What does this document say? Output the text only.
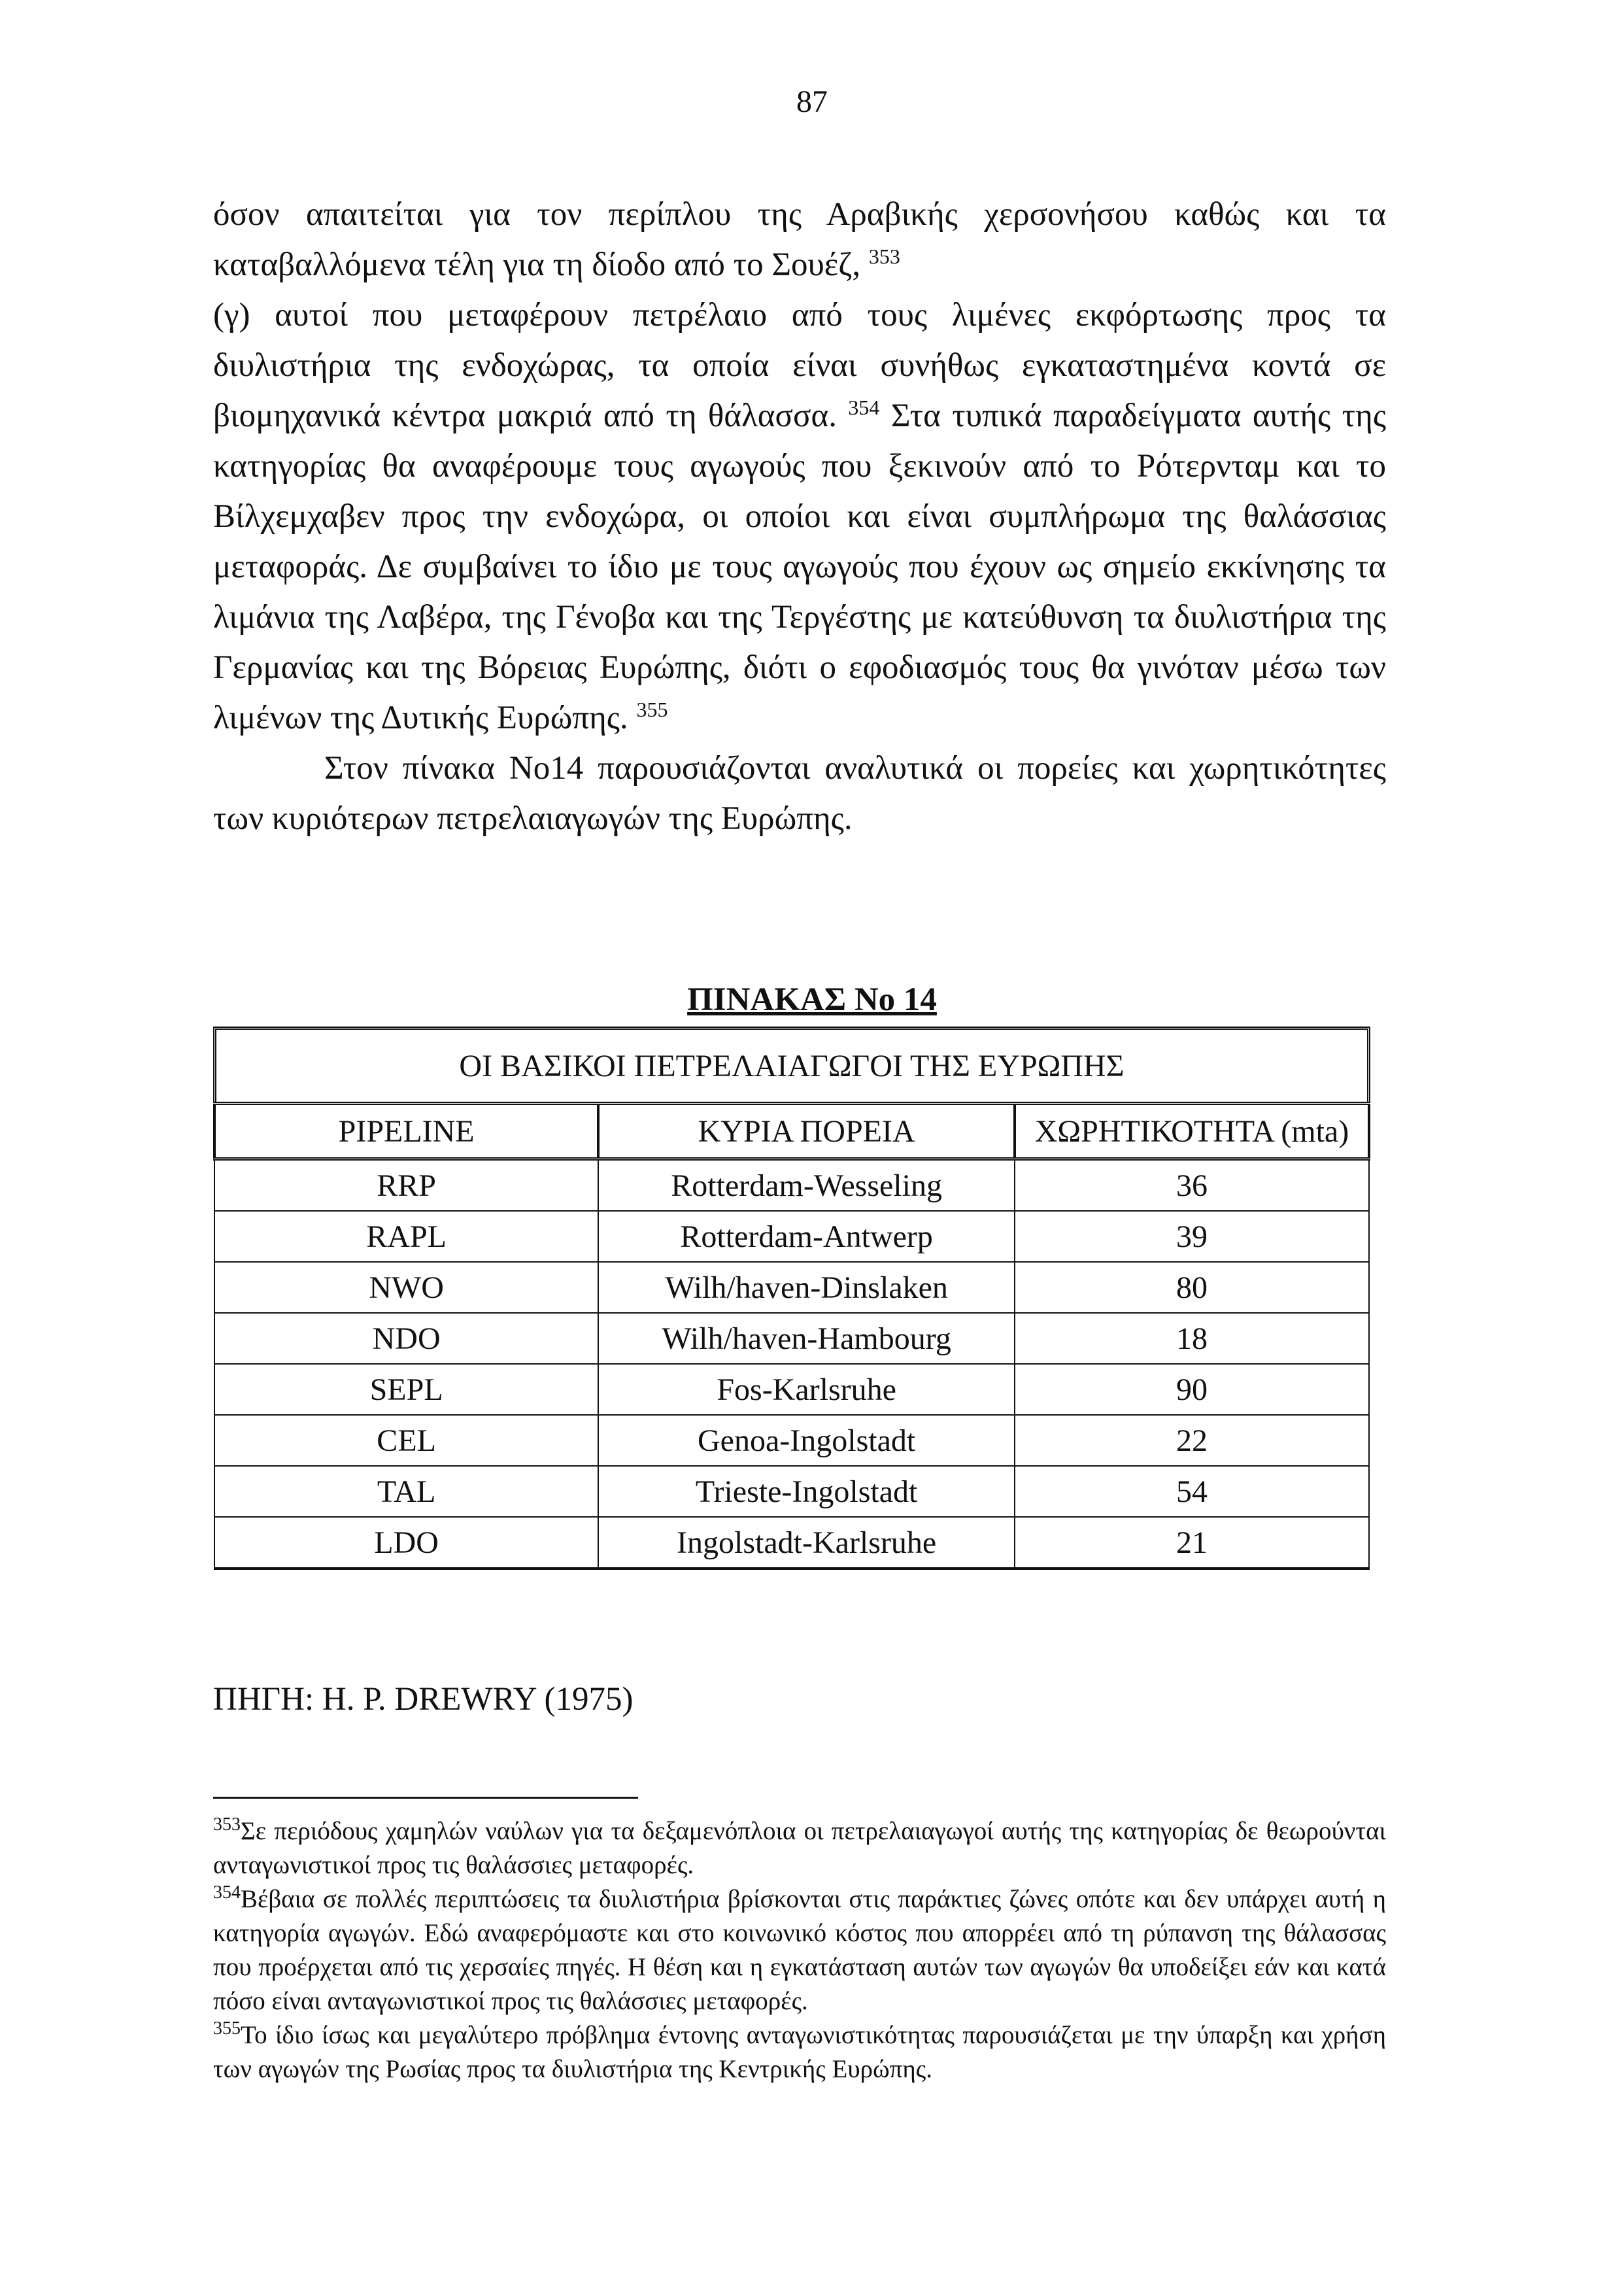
87

όσον απαιτείται για τον περίπλου της Αραβικής χερσονήσου καθώς και τα καταβαλλόμενα τέλη για τη δίοδο από το Σουέζ, $^{353}$

(γ) αυτοί που μεταφέρουν πετρέλαιο από τους λιμένες εκφόρτωσης προς τα διυλιστήρια της ενδοχώρας, τα οποία είναι συνήθως εγκαταστημένα κοντά σε βιομηχανικά κέντρα μακριά από τη θάλασσα. $^{354}$ Στα τυπικά παραδείγματα αυτής της κατηγορίας θα αναφέρουμε τους αγωγούς που ξεκινούν από το Ρότερνταμ και το Βίλχεμχαβεν προς την ενδοχώρα, οι οποίοι και είναι συμπλήρωμα της θαλάσσιας μεταφοράς. Δε συμβαίνει το ίδιο με τους αγωγούς που έχουν ως σημείο εκκίνησης τα λιμάνια της Λαβέρα, της Γένοβα και της Τεργέστης με κατεύθυνση τα διυλιστήρια της Γερμανίας και της Βόρειας Ευρώπης, διότι ο εφοδιασμός τους θα γινόταν μέσω των λιμένων της Δυτικής Ευρώπης. $^{355}$

Στον πίνακα No14 παρουσιάζονται αναλυτικά οι πορείες και χωρητικότητες των κυριότερων πετρελαιαγωγών της Ευρώπης.

ΠΙΝΑΚΑΣ No 14
ΟΙ ΒΑΣΙΚΟΙ ΠΕΤΡΕΛΑΙΑΓΩΓΟΙ ΤΗΣ ΕΥΡΩΠΗΣ
PIPELINE	ΚΥΡΙΑ ΠΟΡΕΙΑ	ΧΩΡΗΤΙΚΟΤΗΤΑ (mta)
RRP	Rotterdam-Wesseling	36
RAPL	Rotterdam-Antwerp	39
NWO	Wilh/haven-Dinslaken	80
NDO	Wilh/haven-Hambourg	18
SEPL	Fos-Karlsruhe	90
CEL	Genoa-Ingolstadt	22
TAL	Trieste-Ingolstadt	54
LDO	Ingolstadt-Karlsruhe	21
ΠΗΓΗ: H. P. DREWRY (1975)

$^{353}$Σε περιόδους χαμηλών ναύλων για τα δεξαμενόπλοια οι πετρελαιαγωγοί αυτής της κατηγορίας δε θεωρούνται ανταγωνιστικοί προς τις θαλάσσιες μεταφορές.

$^{354}$Βέβαια σε πολλές περιπτώσεις τα διυλιστήρια βρίσκονται στις παράκτιες ζώνες οπότε και δεν υπάρχει αυτή η κατηγορία αγωγών. Εδώ αναφερόμαστε και στο κοινωνικό κόστος που απορρέει από τη ρύπανση της θάλασσας που προέρχεται από τις χερσαίες πηγές. Η θέση και η εγκατάσταση αυτών των αγωγών θα υποδείξει εάν και κατά πόσο είναι ανταγωνιστικοί προς τις θαλάσσιες μεταφορές.

$^{355}$Το ίδιο ίσως και μεγαλύτερο πρόβλημα έντονης ανταγωνιστικότητας παρουσιάζεται με την ύπαρξη και χρήση των αγωγών της Ρωσίας προς τα διυλιστήρια της Κεντρικής Ευρώπης.
